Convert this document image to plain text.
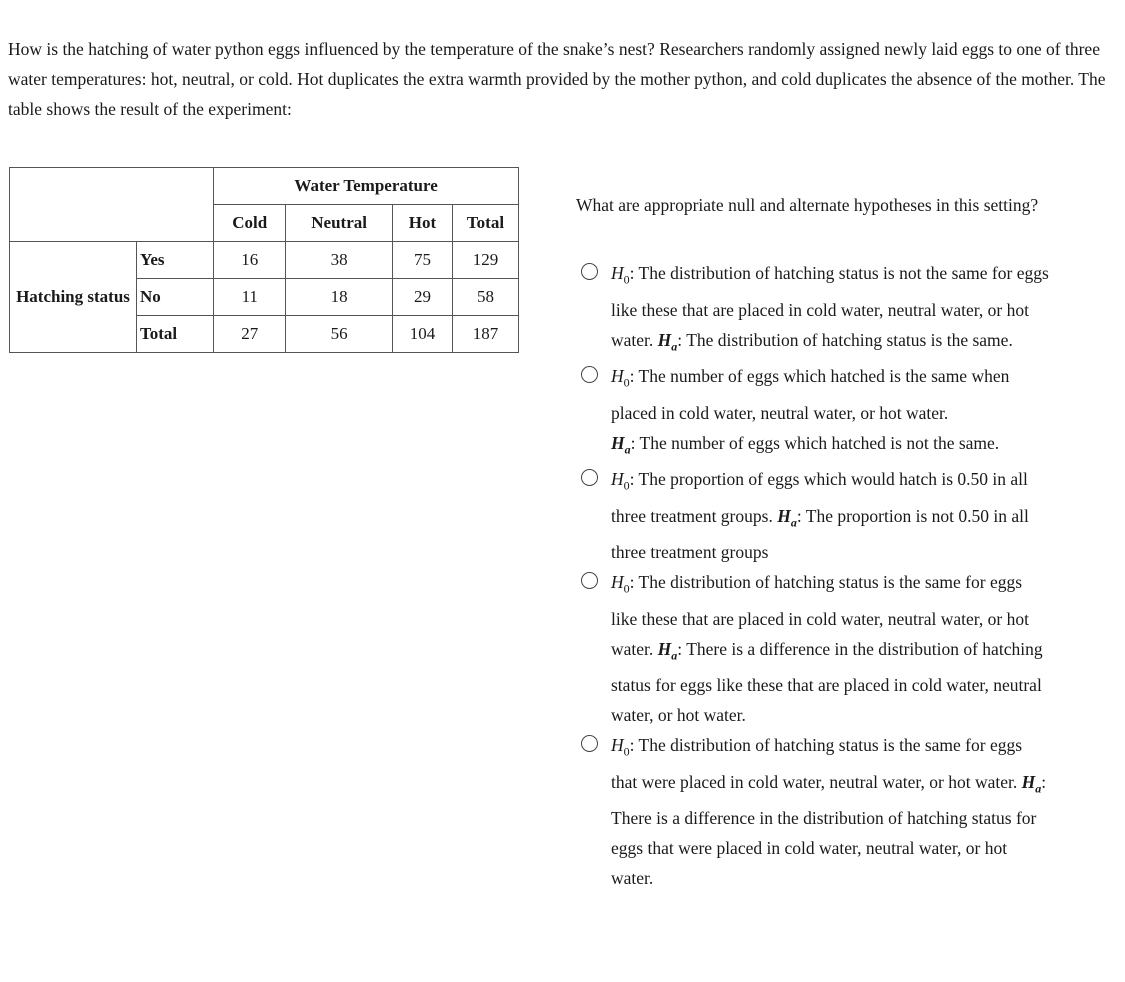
How is the hatching of water python eggs influenced by the temperature of the snake’s nest? Researchers randomly assigned newly laid eggs to one of three water temperatures: hot, neutral, or cold. Hot duplicates the extra warmth provided by the mother python, and cold duplicates the absence of the mother. The table shows the result of the experiment:

		Water Temperature			
		Cold	Neutral	Hot	Total
Hatching status	Yes	16	38	75	129
	No	11	18	29	58
	Total	27	56	104	187

What are appropriate null and alternate hypotheses in this setting?

$H_0$: The distribution of hatching status is not the same for eggs like these that are placed in cold water, neutral water, or hot water. $H_a$: The distribution of hatching status is the same.
$H_0$: The number of eggs which hatched is the same when placed in cold water, neutral water, or hot water.
$H_a$: The number of eggs which hatched is not the same.
$H_0$: The proportion of eggs which would hatch is 0.50 in all three treatment groups. $H_a$: The proportion is not 0.50 in all three treatment groups
$H_0$: The distribution of hatching status is the same for eggs like these that are placed in cold water, neutral water, or hot water. $H_a$: There is a difference in the distribution of hatching status for eggs like these that are placed in cold water, neutral water, or hot water.
$H_0$: The distribution of hatching status is the same for eggs that were placed in cold water, neutral water, or hot water. $H_a$: There is a difference in the distribution of hatching status for eggs that were placed in cold water, neutral water, or hot water.
